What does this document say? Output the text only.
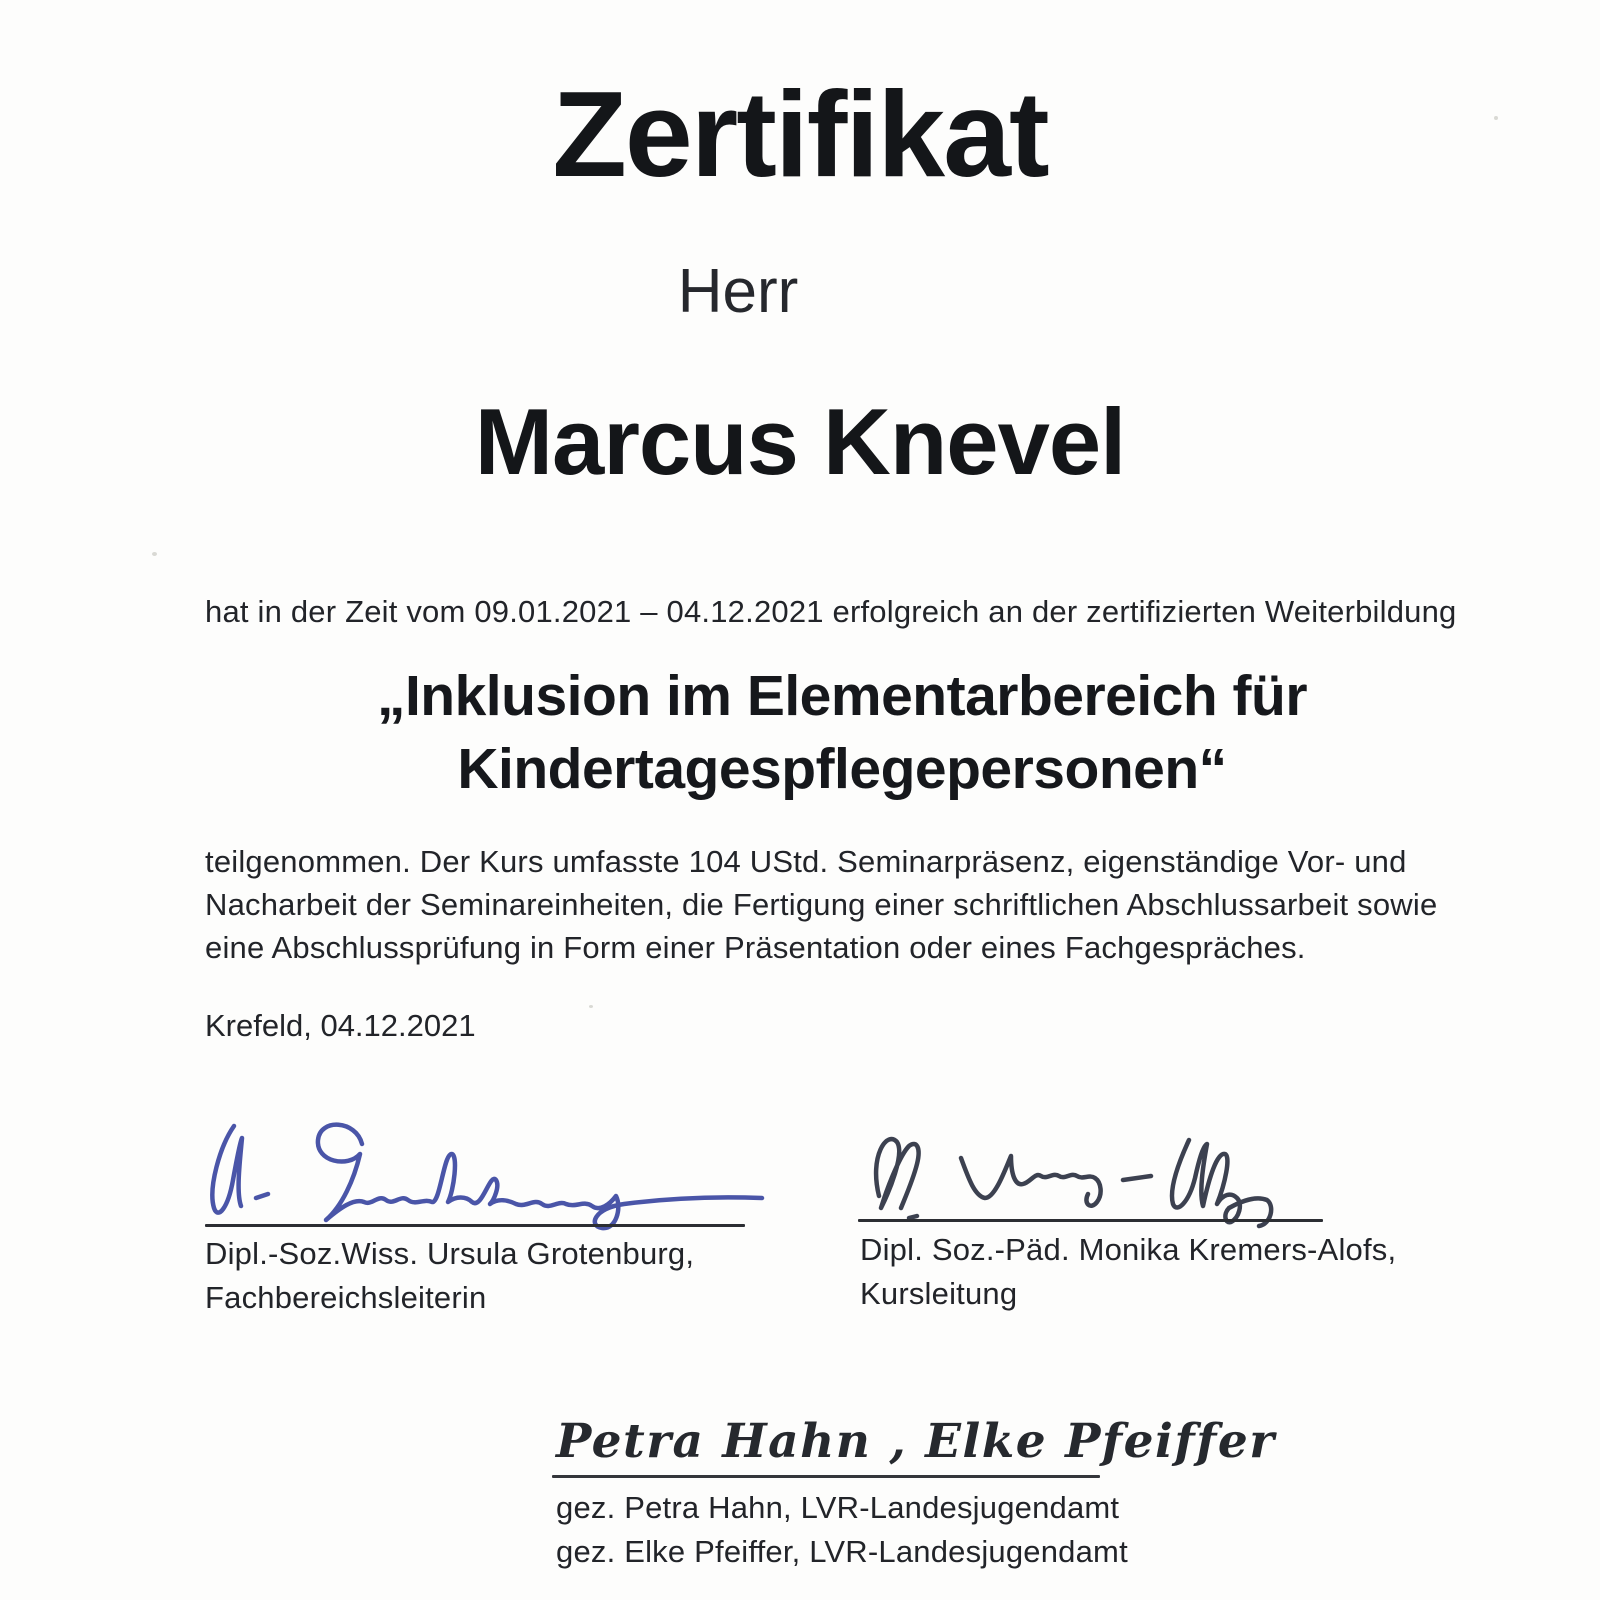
Zertifikat
Herr
Marcus Knevel
hat in der Zeit vom 09.01.2021 – 04.12.2021 erfolgreich an der zertifizierten Weiterbildung
„Inklusion im Elementarbereich für
Kindertagespflegepersonen“
teilgenommen. Der Kurs umfasste 104 UStd. Seminarpräsenz, eigenständige Vor- und
Nacharbeit der Seminareinheiten, die Fertigung einer schriftlichen Abschlussarbeit sowie
eine Abschlussprüfung in Form einer Präsentation oder eines Fachgespräches.
Krefeld, 04.12.2021
Dipl.-Soz.Wiss. Ursula Grotenburg,
Fachbereichsleiterin
Dipl. Soz.-Päd. Monika Kremers-Alofs,
Kursleitung
Petra Hahn , Elke Pfeiffer
gez. Petra Hahn, LVR-Landesjugendamt
gez. Elke Pfeiffer, LVR-Landesjugendamt
